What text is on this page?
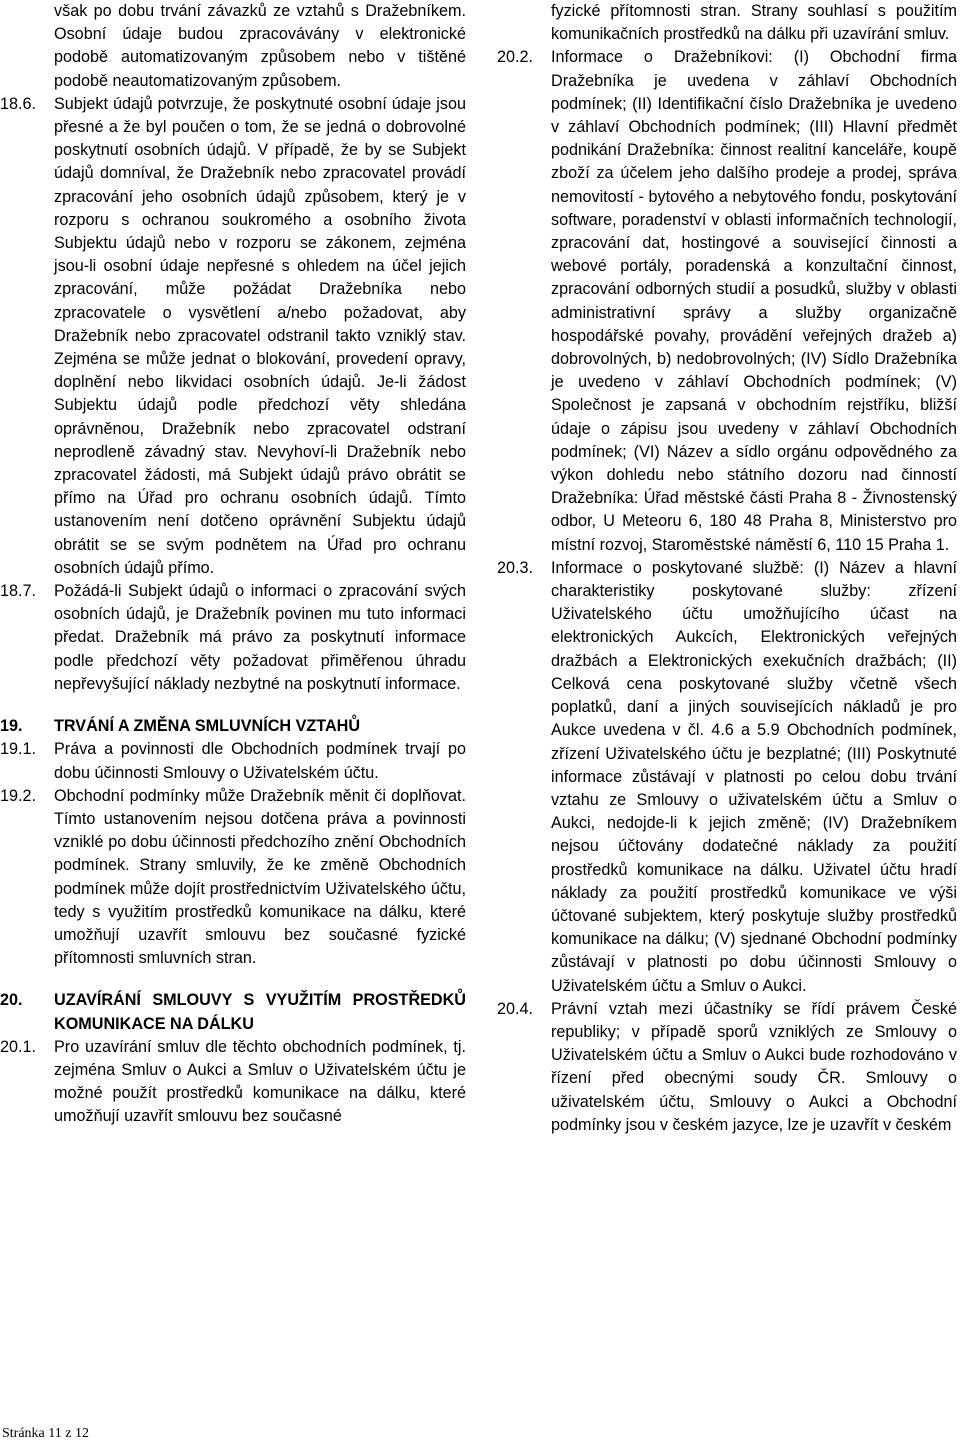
však po dobu trvání závazků ze vztahů s Dražebníkem. Osobní údaje budou zpracovávány v elektronické podobě automatizovaným způsobem nebo v tištěné podobě neautomatizovaným způsobem.

18.6.	Subjekt údajů potvrzuje, že poskytnuté osobní údaje jsou přesné a že byl poučen o tom, že se jedná o dobrovolné poskytnutí osobních údajů. V případě, že by se Subjekt údajů domníval, že Dražebník nebo zpracovatel provádí zpracování jeho osobních údajů způsobem, který je v rozporu s ochranou soukromého a osobního života Subjektu údajů nebo v rozporu se zákonem, zejména jsou-li osobní údaje nepřesné s ohledem na účel jejich zpracování, může požádat Dražebníka nebo zpracovatele o vysvětlení a/nebo požadovat, aby Dražebník nebo zpracovatel odstranil takto vzniklý stav. Zejména se může jednat o blokování, provedení opravy, doplnění nebo likvidaci osobních údajů. Je-li žádost Subjektu údajů podle předchozí věty shledána oprávněnou, Dražebník nebo zpracovatel odstraní neprodleně závadný stav. Nevyhoví-li Dražebník nebo zpracovatel žádosti, má Subjekt údajů právo obrátit se přímo na Úřad pro ochranu osobních údajů. Tímto ustanovením není dotčeno oprávnění Subjektu údajů obrátit se se svým podnětem na Úřad pro ochranu osobních údajů přímo.

18.7.	Požádá-li Subjekt údajů o informaci o zpracování svých osobních údajů, je Dražebník povinen mu tuto informaci předat. Dražebník má právo za poskytnutí informace podle předchozí věty požadovat přiměřenou úhradu nepřevyšující náklady nezbytné na poskytnutí informace.

19.	TRVÁNÍ A ZMĚNA SMLUVNÍCH VZTAHŮ
19.1.	Práva a povinnosti dle Obchodních podmínek trvají po dobu účinnosti Smlouvy o Uživatelském účtu.

19.2.	Obchodní podmínky může Dražebník měnit či doplňovat. Tímto ustanovením nejsou dotčena práva a povinnosti vzniklé po dobu účinnosti předchozího znění Obchodních podmínek. Strany smluvily, že ke změně Obchodních podmínek může dojít prostřednictvím Uživatelského účtu, tedy s využitím prostředků komunikace na dálku, které umožňují uzavřít smlouvu bez současné fyzické přítomnosti smluvních stran.

20.	UZAVÍRÁNÍ SMLOUVY S VYUŽITÍM PROSTŘEDKŮ KOMUNIKACE NA DÁLKU
20.1.	Pro uzavírání smluv dle těchto obchodních podmínek, tj. zejména Smluv o Aukci a Smluv o Uživatelském účtu je možné použít prostředků komunikace na dálku, které umožňují uzavřít smlouvu bez současné

fyzické přítomnosti stran. Strany souhlasí s použitím komunikačních prostředků na dálku při uzavírání smluv.

20.2.	Informace o Dražebníkovi: (I) Obchodní firma Dražebníka je uvedena v záhlaví Obchodních podmínek; (II) Identifikační číslo Dražebníka je uvedeno v záhlaví Obchodních podmínek; (III) Hlavní předmět podnikání Dražebníka: činnost realitní kanceláře, koupě zboží za účelem jeho dalšího prodeje a prodej, správa nemovitostí - bytového a nebytového fondu, poskytování software, poradenství v oblasti informačních technologií, zpracování dat, hostingové a související činnosti a webové portály, poradenská a konzultační činnost, zpracování odborných studií a posudků, služby v oblasti administrativní správy a služby organizačně hospodářské povahy, provádění veřejných dražeb a) dobrovolných, b) nedobrovolných; (IV) Sídlo Dražebníka je uvedeno v záhlaví Obchodních podmínek; (V) Společnost je zapsaná v obchodním rejstříku, bližší údaje o zápisu jsou uvedeny v záhlaví Obchodních podmínek; (VI) Název a sídlo orgánu odpovědného za výkon dohledu nebo státního dozoru nad činností Dražebníka: Úřad městské části Praha 8 - Živnostenský odbor, U Meteoru 6, 180 48 Praha 8, Ministerstvo pro místní rozvoj, Staroměstské náměstí 6, 110 15 Praha 1.

20.3.	Informace o poskytované službě: (I) Název a hlavní charakteristiky poskytované služby: zřízení Uživatelského účtu umožňujícího účast na elektronických Aukcích, Elektronických veřejných dražbách a Elektronických exekučních dražbách; (II) Celková cena poskytované služby včetně všech poplatků, daní a jiných souvisejících nákladů je pro Aukce uvedena v čl. 4.6 a 5.9 Obchodních podmínek, zřízení Uživatelského účtu je bezplatné; (III) Poskytnuté informace zůstávají v platnosti po celou dobu trvání vztahu ze Smlouvy o uživatelském účtu a Smluv o Aukci, nedojde-li k jejich změně; (IV) Dražebníkem nejsou účtovány dodatečné náklady za použití prostředků komunikace na dálku. Uživatel účtu hradí náklady za použití prostředků komunikace ve výši účtované subjektem, který poskytuje služby prostředků komunikace na dálku; (V) sjednané Obchodní podmínky zůstávají v platnosti po dobu účinnosti Smlouvy o Uživatelském účtu a Smluv o Aukci.

20.4.	Právní vztah mezi účastníky se řídí právem České republiky; v případě sporů vzniklých ze Smlouvy o Uživatelském účtu a Smluv o Aukci bude rozhodováno v řízení před obecnými soudy ČR. Smlouvy o uživatelském účtu, Smlouvy o Aukci a Obchodní podmínky jsou v českém jazyce, lze je uzavřít v českém

Stránka 11 z 12
